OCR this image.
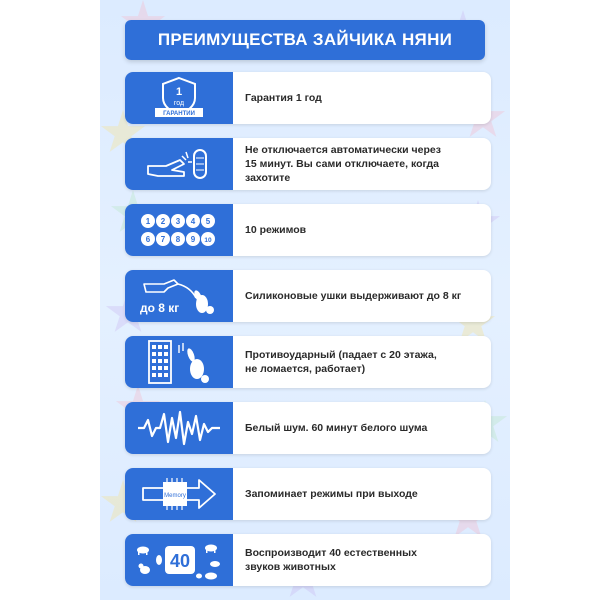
ПРЕИМУЩЕСТВА ЗАЙЧИКА НЯНИ
1
год
ГАРАНТИИ
Гарантия 1 год
Не отключается автоматически через
15 минут. Вы сами отключаете, когда захотите
1 2 3 4 5
6 7 8 9 10
10 режимов
до 8 кг
Силиконовые ушки выдерживают до 8 кг
Противоударный (падает с 20 этажа,
не ломается, работает)
Белый шум. 60 минут белого шума
Memory	Запоминает режимы при выходе
40	Воспроизводит 40 естественных
звуков животных
